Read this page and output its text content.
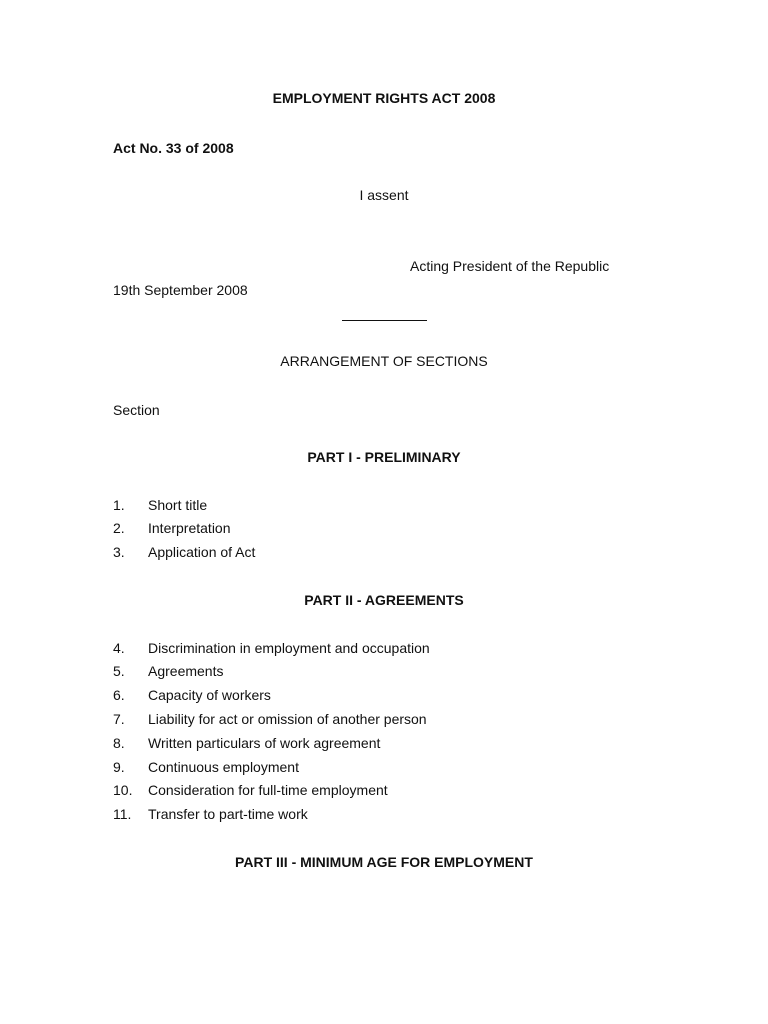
EMPLOYMENT RIGHTS ACT 2008
Act No. 33 of 2008
I assent
Acting President of the Republic
19th September 2008
ARRANGEMENT OF SECTIONS
Section
PART I - PRELIMINARY
1. Short title
2. Interpretation
3. Application of Act
PART II - AGREEMENTS
4. Discrimination in employment and occupation
5. Agreements
6. Capacity of workers
7. Liability for act or omission of another person
8. Written particulars of work agreement
9. Continuous employment
10. Consideration for full-time employment
11. Transfer to part-time work
PART III - MINIMUM AGE FOR EMPLOYMENT
